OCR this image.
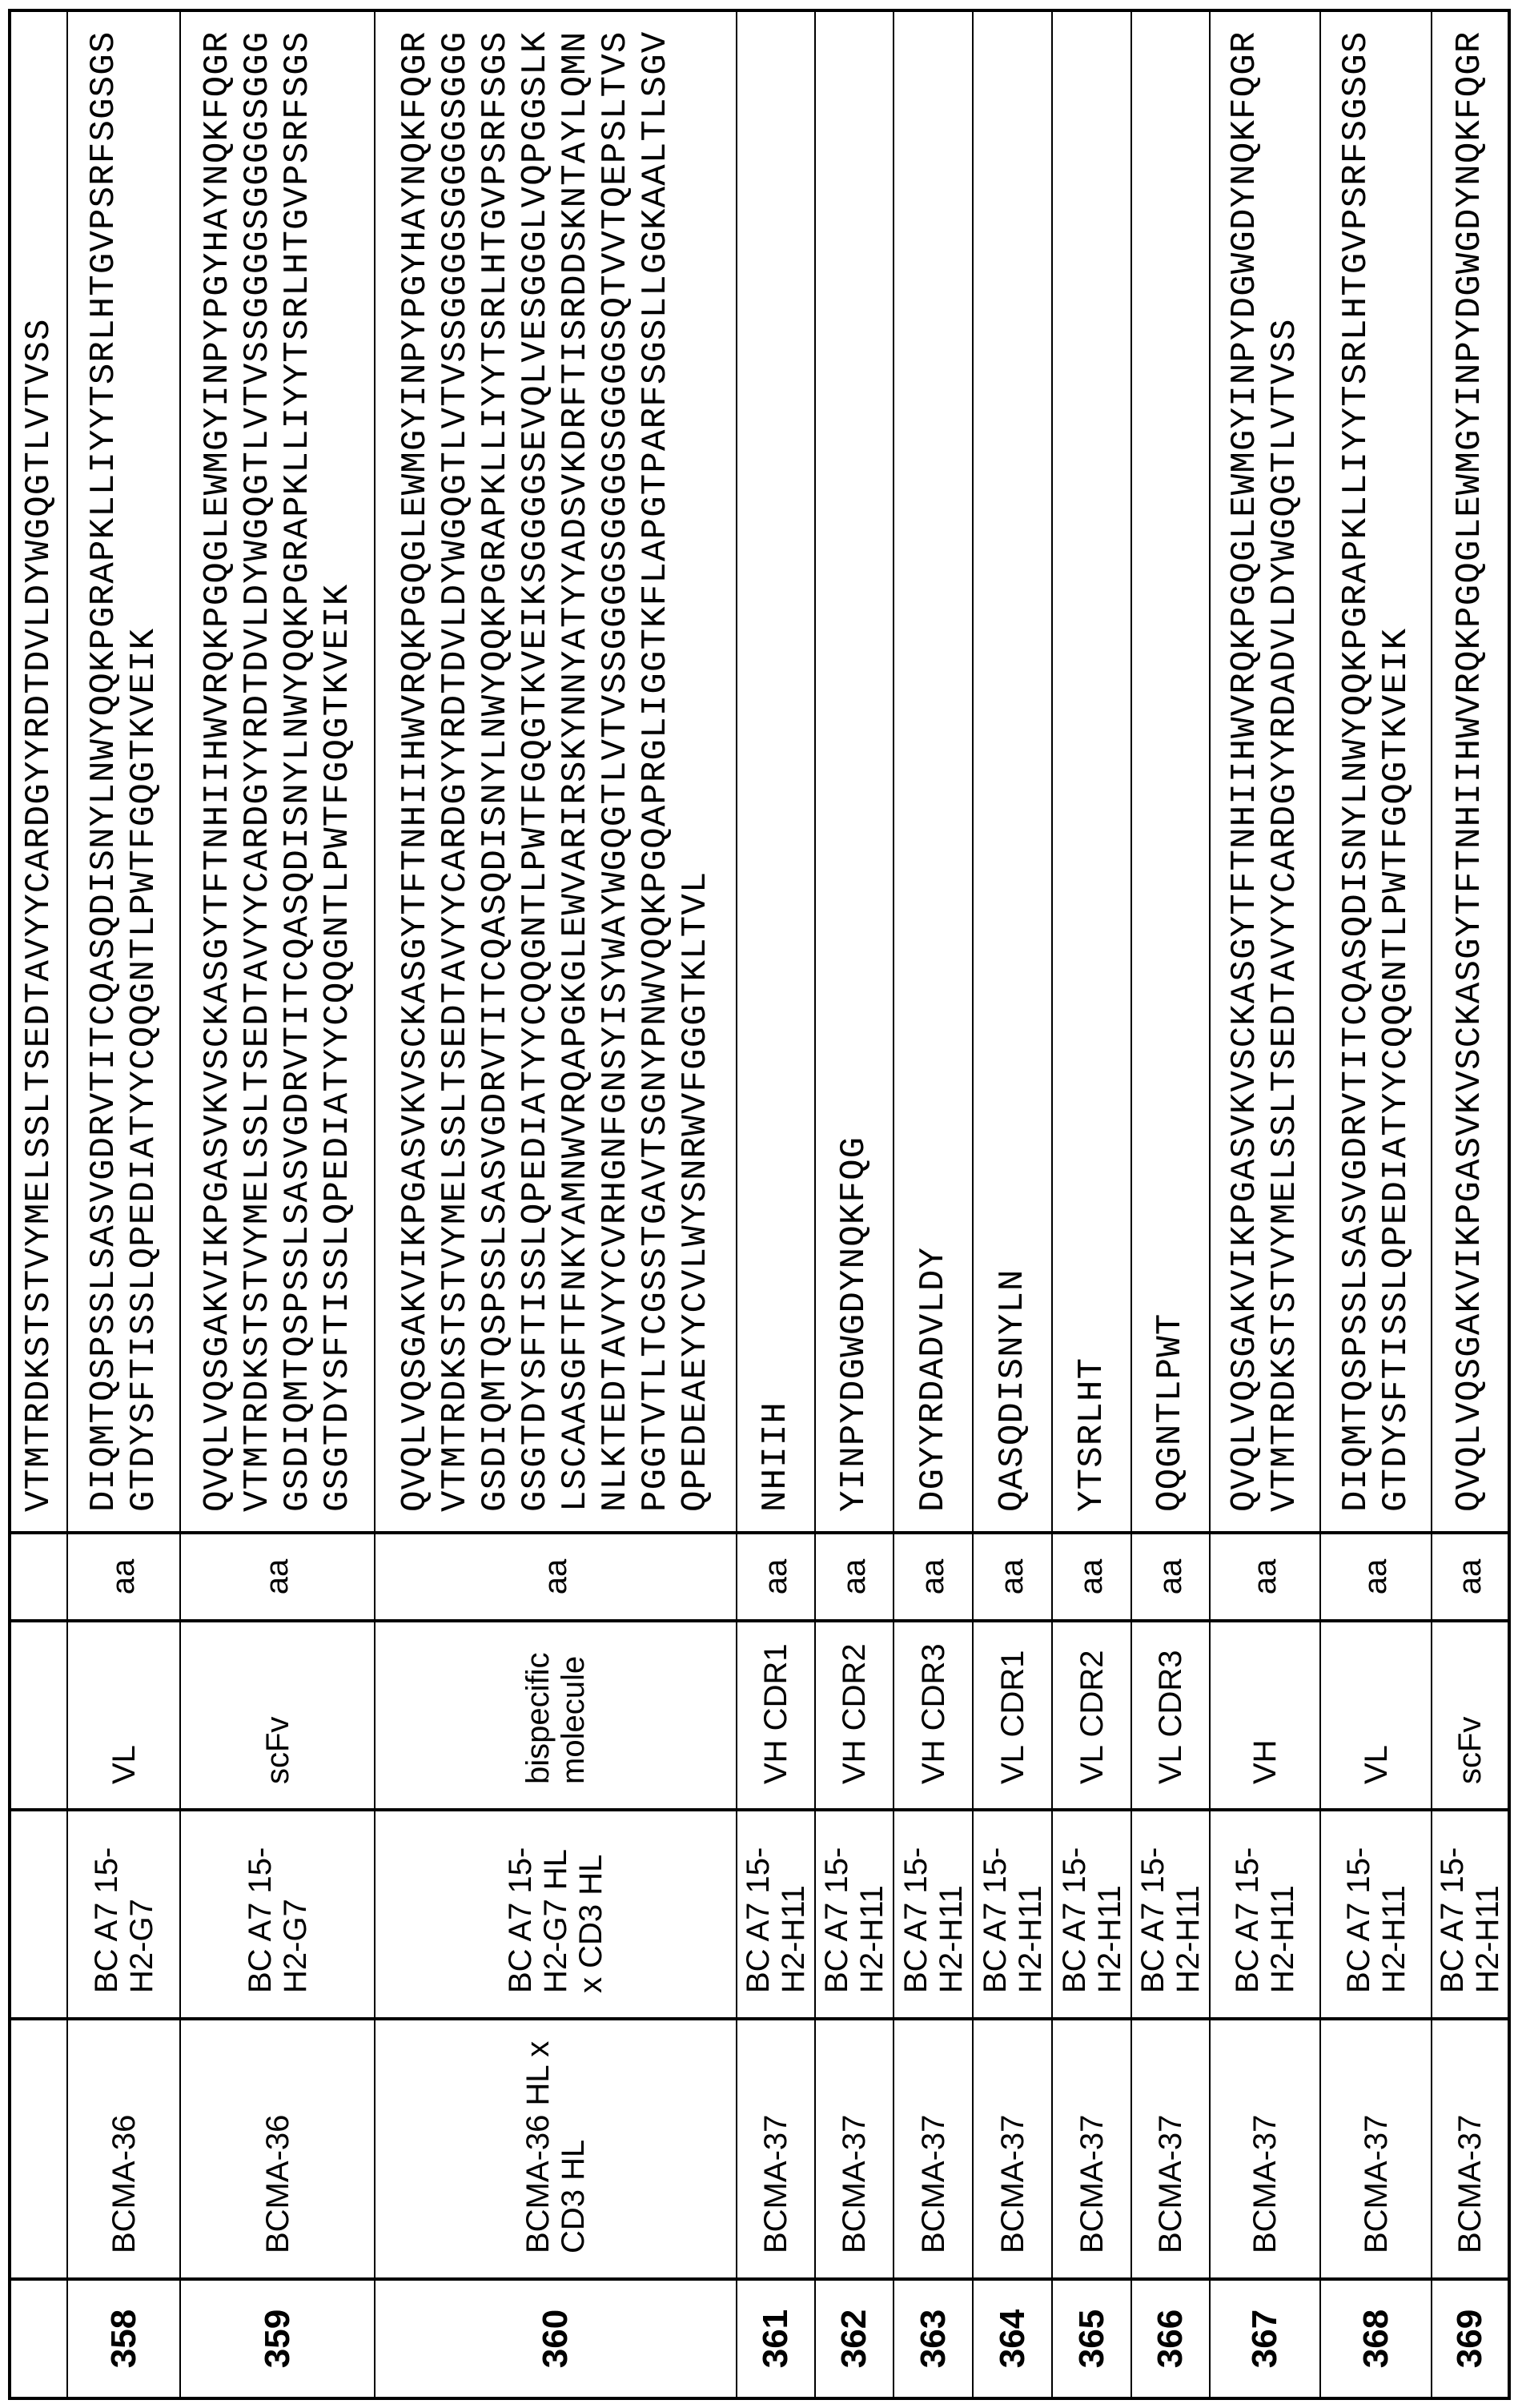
VTMTRDKSTSTVYMELSSLTSEDTAVYYCARDGYYRDTDVLDYWGQGTLVTVSS

358

BCMA-36

BC A7 15- H2-G7

VL

aa

DIQMTQSPSSLSASVGDRVTITCQASQDISNYLNWYQQKPGRAPKLLIYYTSRLHTGVPSRFSGSGS GTDYSFTISSLQPEDIATYYCQQGNTLPWTFGQGTKVEIK

359

BCMA-36

BC A7 15- H2-G7

scFv

aa

QVQLVQSGAKVIKPGASVKVSCKASGYTFTNHIIHWVRQKPGQGLEWMGYINPYPGYHAYNQKFQGR VTMTRDKSTSTVYMELSSLTSEDTAVYYCARDGYYRDTDVLDYWGQGTLVTVSSGGGGSGGGGSGGG GSDIQMTQSPSSLSASVGDRVTITCQASQDISNYLNWYQQKPGRAPKLLIYYTSRLHTGVPSRFSGS GSGTDYSFTISSLQPEDIATYYCQQGNTLPWTFGQGTKVEIK

360

BCMA-36 HL x CD3 HL

BC A7 15- H2-G7 HL x CD3 HL

bispecific molecule

aa

QVQLVQSGAKVIKPGASVKVSCKASGYTFTNHIIHWVRQKPGQGLEWMGYINPYPGYHAYNQKFQGR VTMTRDKSTSTVYMELSSLTSEDTAVYYCARDGYYRDTDVLDYWGQGTLVTVSSGGGGSGGGGSGGG GSDIQMTQSPSSLSASVGDRVTITCQASQDISNYLNWYQQKPGRAPKLLIYYTSRLHTGVPSRFSGS GSGTDYSFTISSLQPEDIATYYCQQGNTLPWTFGQGTKVEIKSGGGGSEVQLVESGGGLVQPGGSLK LSCAASGFTFNKYAMNWVRQAPGKGLEWVARIRSKYNNYATYYADSVKDRFTISRDDSKNTAYLQMN NLKTEDTAVYYCVRHGNFGNSYISYWAYWGQGTLVTVSSGGGGSGGGGSGGGGSQTVVTQEPSLTVS PGGTVTLTCGSSTGAVTSGNYPNWVQQKPGQAPRGLIGGTKFLAPGTPARFSGSLLGGKAALTLSGV QPEDEAEYYCVLWYSNRWVFGGGTKLTVL

361

BCMA-37

BC A7 15- H2-H11

VH CDR1

aa

NHIIH

362

BCMA-37

BC A7 15- H2-H11

VH CDR2

aa

YINPYDGWGDYNQKFQG

363

BCMA-37

BC A7 15- H2-H11

VH CDR3

aa

DGYYRDADVLDY

364

BCMA-37

BC A7 15- H2-H11

VL CDR1

aa

QASQDISNYLN

365

BCMA-37

BC A7 15- H2-H11

VL CDR2

aa

YTSRLHT

366

BCMA-37

BC A7 15- H2-H11

VL CDR3

aa

QQGNTLPWT

367

BCMA-37

BC A7 15- H2-H11

VH

aa

QVQLVQSGAKVIKPGASVKVSCKASGYTFTNHIIHWVRQKPGQGLEWMGYINPYDGWGDYNQKFQGR VTMTRDKSTSTVYMELSSLTSEDTAVYYCARDGYYRDADVLDYWGQGTLVTVSS

368

BCMA-37

BC A7 15- H2-H11

VL

aa

DIQMTQSPSSLSASVGDRVTITCQASQDISNYLNWYQQKPGRAPKLLIYYTSRLHTGVPSRFSGSGS GTDYSFTISSLQPEDIATYYCQQGNTLPWTFGQGTKVEIK

369

BCMA-37

BC A7 15- H2-H11

scFv

aa

QVQLVQSGAKVIKPGASVKVSCKASGYTFTNHIIHWVRQKPGQGLEWMGYINPYDGWGDYNQKFQGR
